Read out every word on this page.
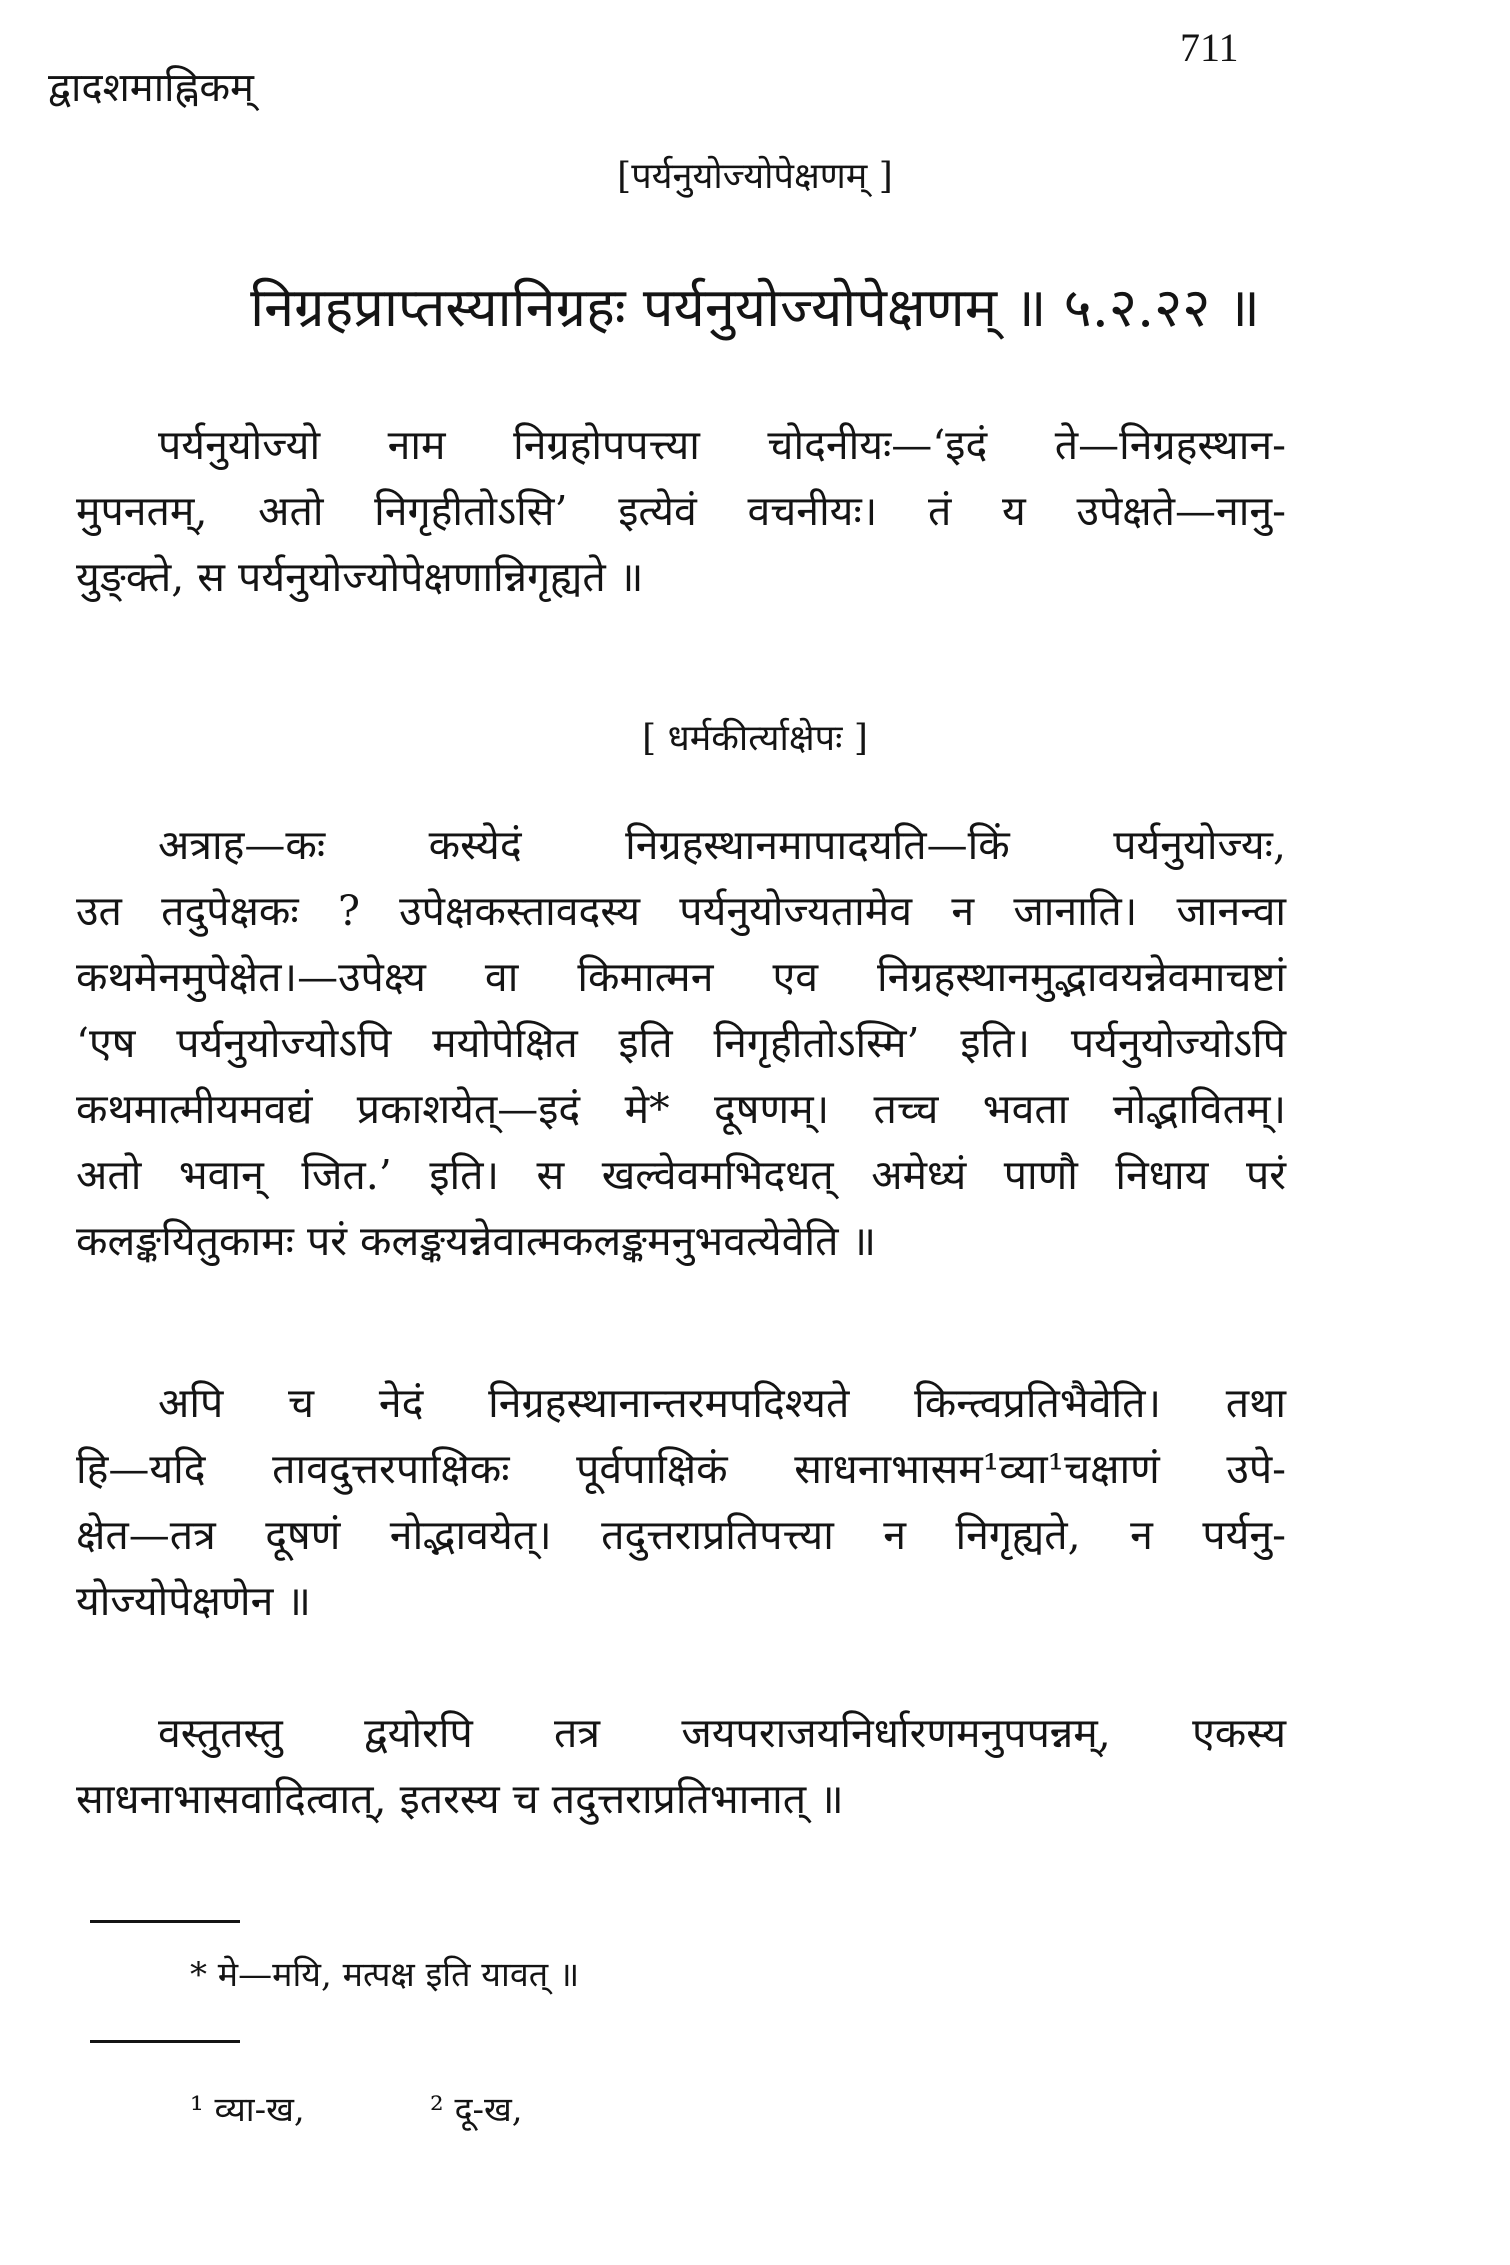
द्वादशमाह्निकम्
711
[पर्यनुयोज्योपेक्षणम् ]
निग्रहप्राप्तस्यानिग्रहः पर्यनुयोज्योपेक्षणम् ॥ ५.२.२२ ॥
पर्यनुयोज्यो नाम निग्रहोपपत्त्या चोदनीयः—‘इदं ते—निग्रहस्थान-
मुपनतम्, अतो निगृहीतोऽसि’ इत्येवं वचनीयः। तं य उपेक्षते—नानु-
युङ्क्ते, स पर्यनुयोज्योपेक्षणान्निगृह्यते ॥
[ धर्मकीर्त्याक्षेपः ]
अत्राह—कः कस्येदं निग्रहस्थानमापादयति—किं पर्यनुयोज्यः,
उत तदुपेक्षकः ? उपेक्षकस्तावदस्य पर्यनुयोज्यतामेव न जानाति। जानन्वा
कथमेनमुपेक्षेत।—उपेक्ष्य वा किमात्मन एव निग्रहस्थानमुद्भावयन्नेवमाचष्टां
‘एष पर्यनुयोज्योऽपि मयोपेक्षित इति निगृहीतोऽस्मि’ इति। पर्यनुयोज्योऽपि
कथमात्मीयमवद्यं प्रकाशयेत्—इदं मे* दूषणम्। तच्च भवता नोद्भावितम्।
अतो भवान् जित.’ इति। स खल्वेवमभिदधत् अमेध्यं पाणौ निधाय परं
कलङ्कयितुकामः परं कलङ्कयन्नेवात्मकलङ्कमनुभवत्येवेति ॥
अपि च नेदं निग्रहस्थानान्तरमपदिश्यते किन्त्वप्रतिभैवेति। तथा
हि—यदि तावदुत्तरपाक्षिकः पूर्वपाक्षिकं साधनाभासम¹व्या¹चक्षाणं उपे-
क्षेत—तत्र दूषणं नोद्भावयेत्। तदुत्तराप्रतिपत्त्या न निगृह्यते, न पर्यनु-
योज्योपेक्षणेन ॥
वस्तुतस्तु द्वयोरपि तत्र जयपराजयनिर्धारणमनुपपन्नम्, एकस्य
साधनाभासवादित्वात्, इतरस्य च तदुत्तराप्रतिभानात् ॥
* मे—मयि, मत्पक्ष इति यावत् ॥
¹ व्या-ख,	² दू-ख,
